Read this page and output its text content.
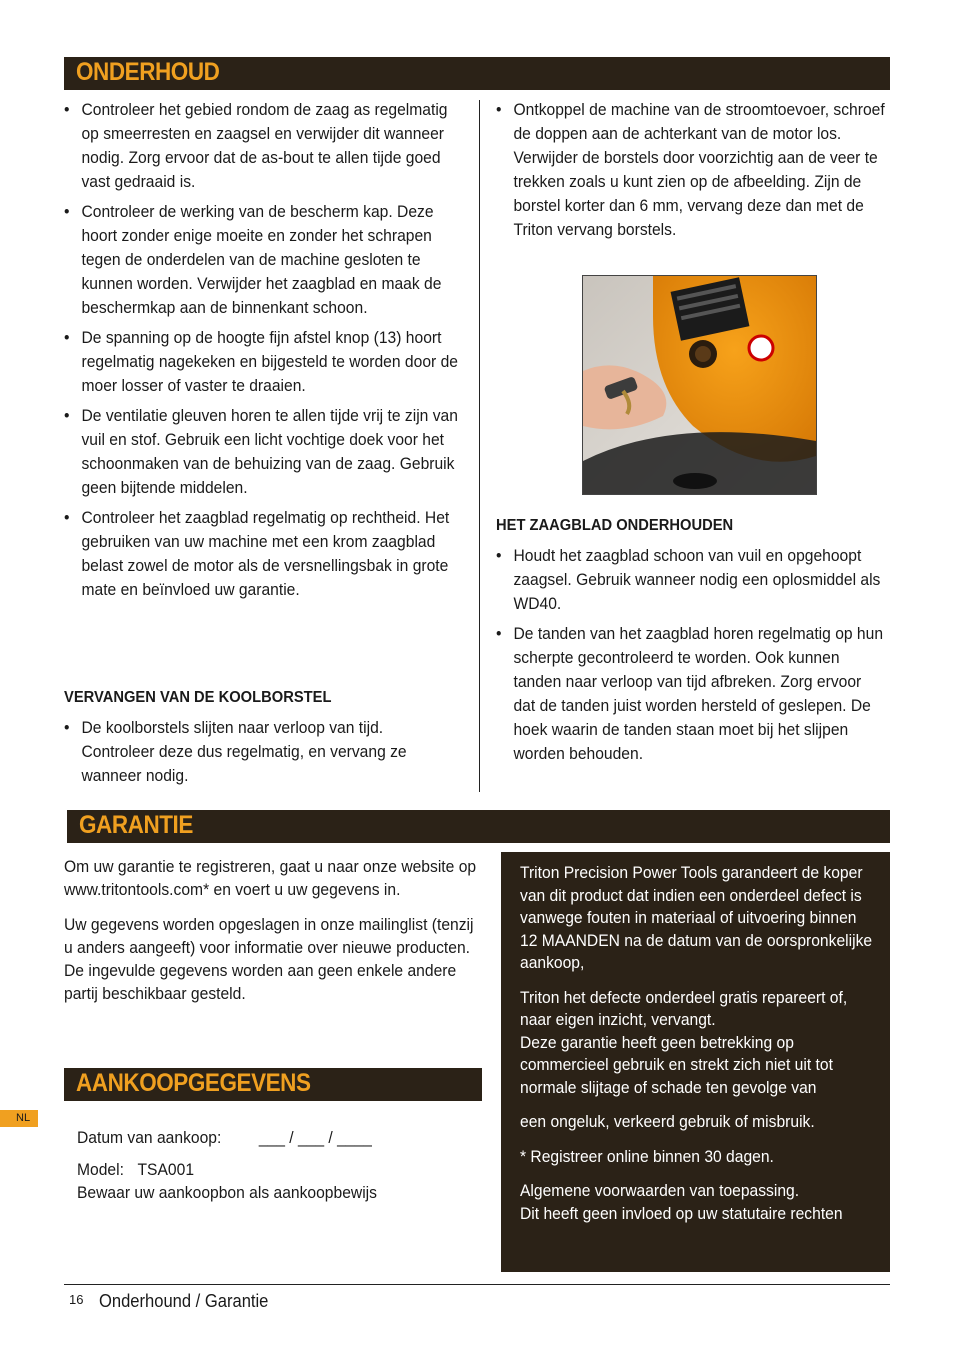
ONDERHOUD
• Controleer het gebied rondom de zaag as regelmatig op smeerresten en zaagsel en verwijder dit wanneer nodig. Zorg ervoor dat de as-bout te allen tijde goed vast gedraaid is.
• Controleer de werking van de bescherm kap. Deze hoort zonder enige moeite en zonder het schrapen tegen de onderdelen van de machine gesloten te kunnen worden. Verwijder het zaagblad en maak de beschermkap aan de binnenkant schoon.
• De spanning op de hoogte fijn afstel knop (13) hoort regelmatig nagekeken en bijgesteld te worden door de moer losser of vaster te draaien.
• De ventilatie gleuven horen te allen tijde vrij te zijn van vuil en stof. Gebruik een licht vochtige doek voor het schoonmaken van de behuizing van de zaag. Gebruik geen bijtende middelen.
• Controleer het zaagblad regelmatig op rechtheid. Het gebruiken van uw machine met een krom zaagblad belast zowel de motor als de versnellingsbak in grote mate en beïnvloed uw garantie.
VERVANGEN VAN DE KOOLBORSTEL
• De koolborstels slijten naar verloop van tijd. Controleer deze dus regelmatig, en vervang ze wanneer nodig.
• Ontkoppel de machine van de stroomtoevoer, schroef de doppen aan de achterkant van de motor los. Verwijder de borstels door voorzichtig aan de veer te trekken zoals u kunt zien op de afbeelding. Zijn de borstel korter dan 6 mm, vervang deze dan met de Triton vervang borstels.
HET ZAAGBLAD ONDERHOUDEN
• Houdt het zaagblad schoon van vuil en opgehoopt zaagsel. Gebruik wanneer nodig een oplosmiddel als WD40.
• De tanden van het zaagblad horen regelmatig op hun scherpte gecontroleerd te worden. Ook kunnen tanden naar verloop van tijd afbreken. Zorg ervoor dat de tanden juist worden hersteld of geslepen. De hoek waarin de tanden staan moet bij het slijpen worden behouden.
GARANTIE

Om uw garantie te registreren, gaat u naar onze website op www.tritontools.com* en voert u uw gegevens in.

Uw gegevens worden opgeslagen in onze mailinglist (tenzij u anders aangeeft) voor informatie over nieuwe producten. De ingevulde gegevens worden aan geen enkele andere partij beschikbaar gesteld.

AANKOOPGEGEVENS
Datum van aankoop: ___ / ___ / ____
Model: TSA001
Bewaar uw aankoopbon als aankoopbewijs

Triton Precision Power Tools garandeert de koper van dit product dat indien een onderdeel defect is vanwege fouten in materiaal of uitvoering binnen 12 MAANDEN na de datum van de oorspronkelijke aankoop,

Triton het defecte onderdeel gratis repareert of, naar eigen inzicht, vervangt.
Deze garantie heeft geen betrekking op commercieel gebruik en strekt zich niet uit tot normale slijtage of schade ten gevolge van

een ongeluk, verkeerd gebruik of misbruik.

* Registreer online binnen 30 dagen.

Algemene voorwaarden van toepassing.
Dit heeft geen invloed op uw statutaire rechten

NL
16 Onderhound / Garantie
